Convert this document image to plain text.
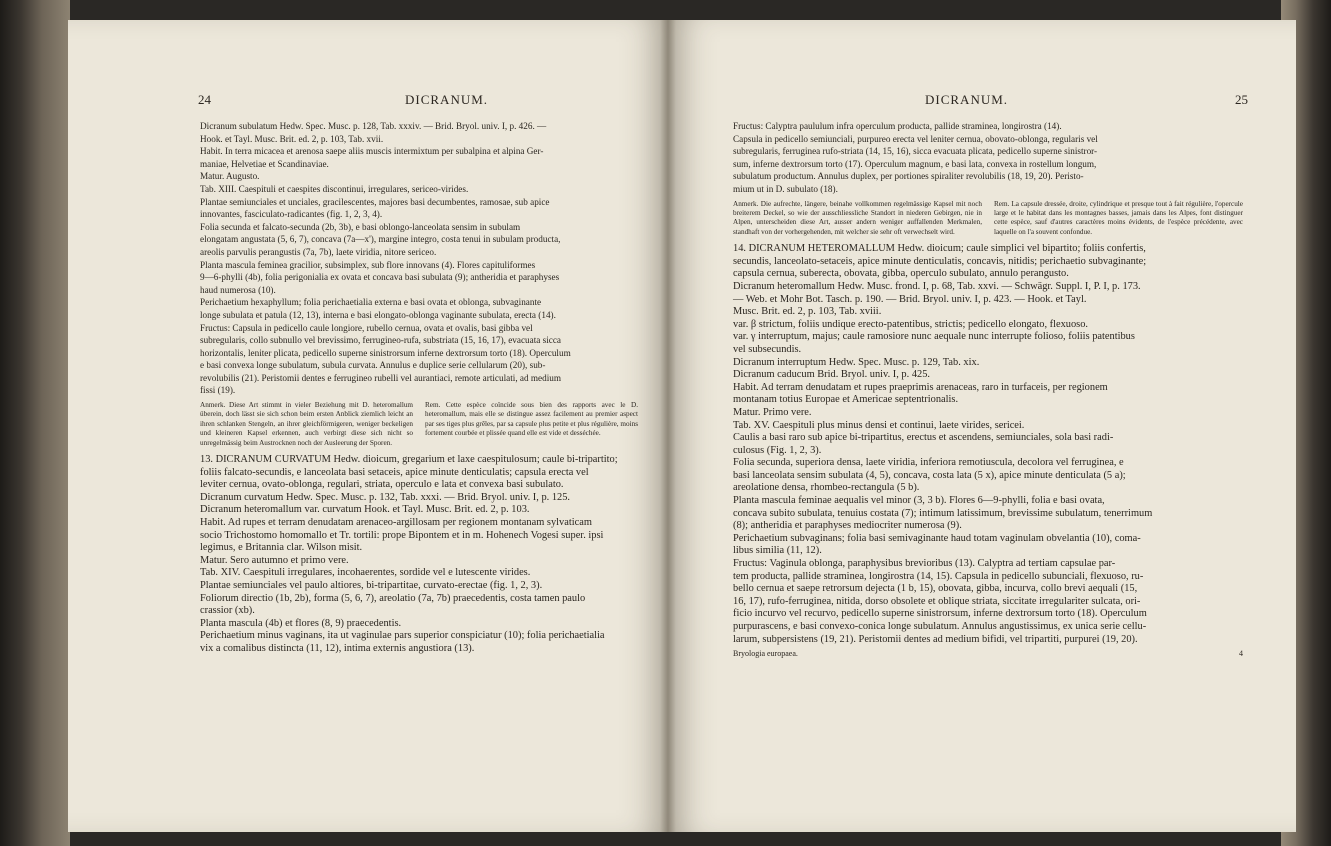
24	DICRANUM.

Dicranum subulatum Hedw. Spec. Musc. p. 128, Tab. xxxiv. — Brid. Bryol. univ. I, p. 426. —

Hook. et Tayl. Musc. Brit. ed. 2, p. 103, Tab. xvii.

Habit. In terra micacea et arenosa saepe aliis muscis intermixtum per subalpina et alpina Ger-

maniae, Helvetiae et Scandinaviae.

Matur. Augusto.

Tab. XIII. Caespituli et caespites discontinui, irregulares, sericeo-virides.

Plantae semiunciales et unciales, gracilescentes, majores basi decumbentes, ramosae, sub apice

innovantes, fasciculato-radicantes (fig. 1, 2, 3, 4).

Folia secunda et falcato-secunda (2b, 3b), e basi oblongo-lanceolata sensim in subulam

elongatam angustata (5, 6, 7), concava (7a—x'), margine integro, costa tenui in subulam producta,

areolis parvulis perangustis (7a, 7b), laete viridia, nitore sericeo.

Planta mascula feminea gracilior, subsimplex, sub flore innovans (4). Flores capituliformes

9—6-phylli (4b), folia perigonialia ex ovata et concava basi subulata (9); antheridia et paraphyses

haud numerosa (10).

Perichaetium hexaphyllum; folia perichaetialia externa e basi ovata et oblonga, subvaginante

longe subulata et patula (12, 13), interna e basi elongato-oblonga vaginante subulata, erecta (14).

Fructus: Capsula in pedicello caule longiore, rubello cernua, ovata et ovalis, basi gibba vel

subregularis, collo subnullo vel brevissimo, ferrugineo-rufa, substriata (15, 16, 17), evacuata sicca

horizontalis, leniter plicata, pedicello superne sinistrorsum inferne dextrorsum torto (18). Operculum

e basi convexa longe subulatum, subula curvata. Annulus e duplice serie cellularum (20), sub-

revolubilis (21). Peristomii dentes e ferrugineo rubelli vel aurantiaci, remote articulati, ad medium

fissi (19).

Anmerk. Diese Art stimmt in vieler Beziehung mit D. heteromallum überein, doch lässt sie sich schon beim ersten Anblick ziemlich leicht an ihren schlanken Stengeln, an ihrer gleichförmigeren, weniger beckeligen und kleineren Kapsel erkennen, auch verbirgt diese sich nicht so unregelmässig beim Austrocknen noch der Ausleerung der Sporen.

Rem. Cette espèce coïncide sous bien des rapports avec le D. heteromallum, mais elle se distingue assez facilement au premier aspect par ses tiges plus grêles, par sa capsule plus petite et plus régulière, moins fortement courbée et plissée quand elle est vide et desséchée.

13. DICRANUM CURVATUM Hedw. dioicum, gregarium et laxe caespitulosum; caule bi-tripartito;

foliis falcato-secundis, e lanceolata basi setaceis, apice minute denticulatis; capsula erecta vel

leviter cernua, ovato-oblonga, regulari, striata, operculo e lata et convexa basi subulato.

Dicranum curvatum Hedw. Spec. Musc. p. 132, Tab. xxxi. — Brid. Bryol. univ. I, p. 125.

Dicranum heteromallum var. curvatum Hook. et Tayl. Musc. Brit. ed. 2, p. 103.

Habit. Ad rupes et terram denudatam arenaceo-argillosam per regionem montanam sylvaticam

socio Trichostomo homomallo et Tr. tortili: prope Bipontem et in m. Hohenech Vogesi super. ipsi

legimus, e Britannia clar. Wilson misit.

Matur. Sero autumno et primo vere.

Tab. XIV. Caespituli irregulares, incohaerentes, sordide vel e lutescente virides.

Plantae semiunciales vel paulo altiores, bi-tripartitae, curvato-erectae (fig. 1, 2, 3).

Foliorum directio (1b, 2b), forma (5, 6, 7), areolatio (7a, 7b) praecedentis, costa tamen paulo

crassior (xb).

Planta mascula (4b) et flores (8, 9) praecedentis.

Perichaetium minus vaginans, ita ut vaginulae pars superior conspiciatur (10); folia perichaetialia

vix a comalibus distincta (11, 12), intima externis angustiora (13).

DICRANUM.	25

Fructus: Calyptra paululum infra operculum producta, pallide straminea, longirostra (14).

Capsula in pedicello semiunciali, purpureo erecta vel leniter cernua, obovato-oblonga, regularis vel

subregularis, ferruginea rufo-striata (14, 15, 16), sicca evacuata plicata, pedicello superne sinistror-

sum, inferne dextrorsum torto (17). Operculum magnum, e basi lata, convexa in rostellum longum,

subulatum productum. Annulus duplex, per portiones spiraliter revolubilis (18, 19, 20). Peristo-

mium ut in D. subulato (18).

Anmerk. Die aufrechte, längere, beinahe vollkommen regelmässige Kapsel mit noch breiterem Deckel, so wie der ausschliessliche Standort in niederen Gebirgen, nie in Alpen, unterscheiden diese Art, ausser andern weniger auffallenden Merkmalen, standhaft von der vorhergehenden, mit welcher sie sehr oft verwechselt wird.

Rem. La capsule dressée, droite, cylindrique et presque tout à fait régulière, l'opercule large et le habitat dans les montagnes basses, jamais dans les Alpes, font distinguer cette espèce, sauf d'autres caractères moins évidents, de l'espèce précédente, avec laquelle on l'a souvent confondue.

14. DICRANUM HETEROMALLUM Hedw. dioicum; caule simplici vel bipartito; foliis confertis,

secundis, lanceolato-setaceis, apice minute denticulatis, concavis, nitidis; perichaetio subvaginante;

capsula cernua, suberecta, obovata, gibba, operculo subulato, annulo perangusto.

Dicranum heteromallum Hedw. Musc. frond. I, p. 68, Tab. xxvi. — Schwägr. Suppl. I, P. I, p. 173.

— Web. et Mohr Bot. Tasch. p. 190. — Brid. Bryol. univ. I, p. 423. — Hook. et Tayl.

Musc. Brit. ed. 2, p. 103, Tab. xviii.

var. β strictum, foliis undique erecto-patentibus, strictis; pedicello elongato, flexuoso.

var. γ interruptum, majus; caule ramosiore nunc aequale nunc interrupte folioso, foliis patentibus

vel subsecundis.

Dicranum interruptum Hedw. Spec. Musc. p. 129, Tab. xix.

Dicranum caducum Brid. Bryol. univ. I, p. 425.

Habit. Ad terram denudatam et rupes praeprimis arenaceas, raro in turfaceis, per regionem

montanam totius Europae et Americae septentrionalis.

Matur. Primo vere.

Tab. XV. Caespituli plus minus densi et continui, laete virides, sericei.

Caulis a basi raro sub apice bi-tripartitus, erectus et ascendens, semiunciales, sola basi radi-

culosus (Fig. 1, 2, 3).

Folia secunda, superiora densa, laete viridia, inferiora remotiuscula, decolora vel ferruginea, e

basi lanceolata sensim subulata (4, 5), concava, costa lata (5 x), apice minute denticulata (5 a);

areolatione densa, rhombeo-rectangula (5 b).

Planta mascula feminae aequalis vel minor (3, 3 b). Flores 6—9-phylli, folia e basi ovata,

concava subito subulata, tenuius costata (7); intimum latissimum, brevissime subulatum, tenerrimum

(8); antheridia et paraphyses mediocriter numerosa (9).

Perichaetium subvaginans; folia basi semivaginante haud totam vaginulam obvelantia (10), coma-

libus similia (11, 12).

Fructus: Vaginula oblonga, paraphysibus brevioribus (13). Calyptra ad tertiam capsulae par-

tem producta, pallide straminea, longirostra (14, 15). Capsula in pedicello subunciali, flexuoso, ru-

bello cernua et saepe retrorsum dejecta (1 b, 15), obovata, gibba, incurva, collo brevi aequali (15,

16, 17), rufo-ferruginea, nitida, dorso obsolete et oblique striata, siccitate irregulariter sulcata, ori-

ficio incurvo vel recurvo, pedicello superne sinistrorsum, inferne dextrorsum torto (18). Operculum

purpurascens, e basi convexo-conica longe subulatum. Annulus angustissimus, ex unica serie cellu-

larum, subpersistens (19, 21). Peristomii dentes ad medium bifidi, vel tripartiti, purpurei (19, 20).

Bryologia europaea.	4
